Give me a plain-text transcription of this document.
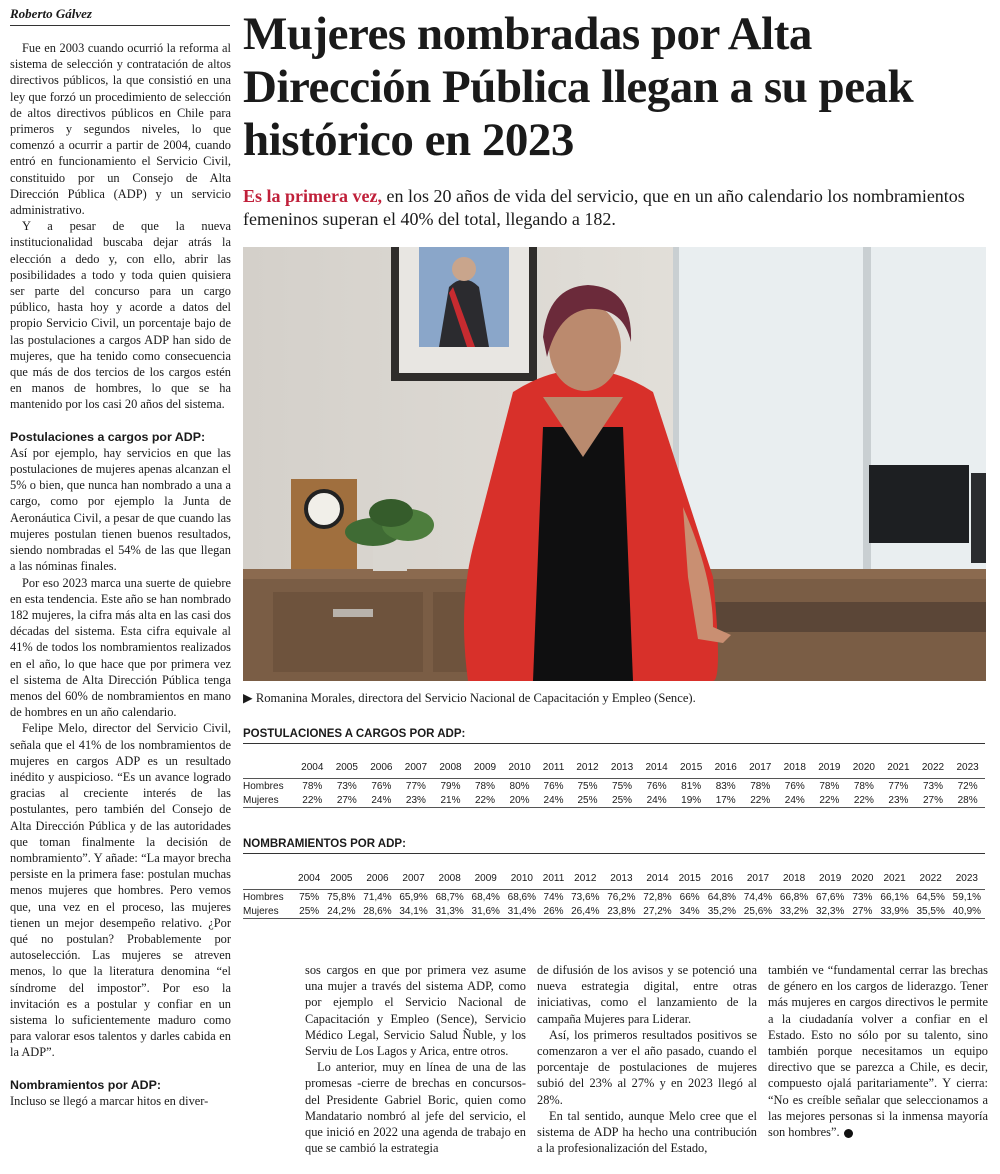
Roberto Gálvez

Fue en 2003 cuando ocurrió la reforma al sistema de selección y contratación de altos directivos públicos, la que consistió en una ley que forzó un procedimiento de selección de altos directivos públicos en Chile para primeros y segundos niveles, lo que comenzó a ocurrir a partir de 2004, cuando entró en funcionamiento el Servicio Civil, constituido por un Consejo de Alta Dirección Pública (ADP) y un servicio administrativo.

Y a pesar de que la nueva institucionalidad buscaba dejar atrás la elección a dedo y, con ello, abrir las posibilidades a todo y toda quien quisiera ser parte del concurso para un cargo público, hasta hoy y acorde a datos del propio Servicio Civil, un porcentaje bajo de las postulaciones a cargos ADP han sido de mujeres, que ha tenido como consecuencia que más de dos tercios de los cargos estén en manos de hombres, lo que se ha mantenido por los casi 20 años del sistema.

Postulaciones a cargos por ADP:

Así por ejemplo, hay servicios en que las postulaciones de mujeres apenas alcanzan el 5% o bien, que nunca han nombrado a una a cargo, como por ejemplo la Junta de Aeronáutica Civil, a pesar de que cuando las mujeres postulan tienen buenos resultados, siendo nombradas el 54% de las que llegan a las nóminas finales.

Por eso 2023 marca una suerte de quiebre en esta tendencia. Este año se han nombrado 182 mujeres, la cifra más alta en las casi dos décadas del sistema. Esta cifra equivale al 41% de todos los nombramientos realizados en el año, lo que hace que por primera vez el sistema de Alta Dirección Pública tenga menos del 60% de nombramientos en mano de hombres en un año calendario.

Felipe Melo, director del Servicio Civil, señala que el 41% de los nombramientos de mujeres en cargos ADP es un resultado inédito y auspicioso. “Es un avance logrado gracias al creciente interés de las postulantes, pero también del Consejo de Alta Dirección Pública y de las autoridades que toman finalmente la decisión de nombramiento”. Y añade: “La mayor brecha persiste en la primera fase: postulan muchas menos mujeres que hombres. Pero vemos que, una vez en el proceso, las mujeres tienen un mejor desempeño relativo. ¿Por qué no postulan? Probablemente por autoselección. Las mujeres se atreven menos, lo que la literatura denomina “el síndrome del impostor”. Por eso la invitación es a postular y confiar en un sistema lo suficientemente maduro como para valorar esos talentos y darles cabida en la ADP”.

Nombramientos por ADP:

Incluso se llegó a marcar hitos en diver-

Mujeres nombradas por Alta Dirección Pública llegan a su peak histórico en 2023

Es la primera vez, en los 20 años de vida del servicio, que en un año calendario los nombramientos femeninos superan el 40% del total, llegando a 182.

▶ Romanina Morales, directora del Servicio Nacional de Capacitación y Empleo (Sence).
POSTULACIONES A CARGOS POR ADP:
	2004	2005	2006	2007	2008	2009	2010	2011	2012	2013	2014	2015	2016	2017	2018	2019	2020	2021	2022	2023
Hombres	78%	73%	76%	77%	79%	78%	80%	76%	75%	75%	76%	81%	83%	78%	76%	78%	78%	77%	73%	72%
Mujeres	22%	27%	24%	23%	21%	22%	20%	24%	25%	25%	24%	19%	17%	22%	24%	22%	22%	23%	27%	28%
NOMBRAMIENTOS POR ADP:
	2004	2005	2006	2007	2008	2009	2010	2011	2012	2013	2014	2015	2016	2017	2018	2019	2020	2021	2022	2023
Hombres	75%	75,8%	71,4%	65,9%	68,7%	68,4%	68,6%	74%	73,6%	76,2%	72,8%	66%	64,8%	74,4%	66,8%	67,6%	73%	66,1%	64,5%	59,1%
Mujeres	25%	24,2%	28,6%	34,1%	31,3%	31,6%	31,4%	26%	26,4%	23,8%	27,2%	34%	35,2%	25,6%	33,2%	32,3%	27%	33,9%	35,5%	40,9%

sos cargos en que por primera vez asume una mujer a través del sistema ADP, como por ejemplo el Servicio Nacional de Capacitación y Empleo (Sence), Servicio Médico Legal, Servicio Salud Ñuble, y los Serviu de Los Lagos y Arica, entre otros.

Lo anterior, muy en línea de una de las promesas -cierre de brechas en concursos- del Presidente Gabriel Boric, quien como Mandatario nombró al jefe del servicio, el que inició en 2022 una agenda de trabajo en que se cambió la estrategia

de difusión de los avisos y se potenció una nueva estrategia digital, entre otras iniciativas, como el lanzamiento de la campaña Mujeres para Liderar.

Así, los primeros resultados positivos se comenzaron a ver el año pasado, cuando el porcentaje de postulaciones de mujeres subió del 23% al 27% y en 2023 llegó al 28%.

En tal sentido, aunque Melo cree que el sistema de ADP ha hecho una contribución a la profesionalización del Estado,

también ve “fundamental cerrar las brechas de género en los cargos de liderazgo. Tener más mujeres en cargos directivos le permite a la ciudadanía volver a confiar en el Estado. Esto no sólo por su talento, sino también porque necesitamos un equipo directivo que se parezca a Chile, es decir, compuesto ojalá paritariamente”. Y cierra: “No es creíble señalar que seleccionamos a las mejores personas si la inmensa mayoría son hombres”.
